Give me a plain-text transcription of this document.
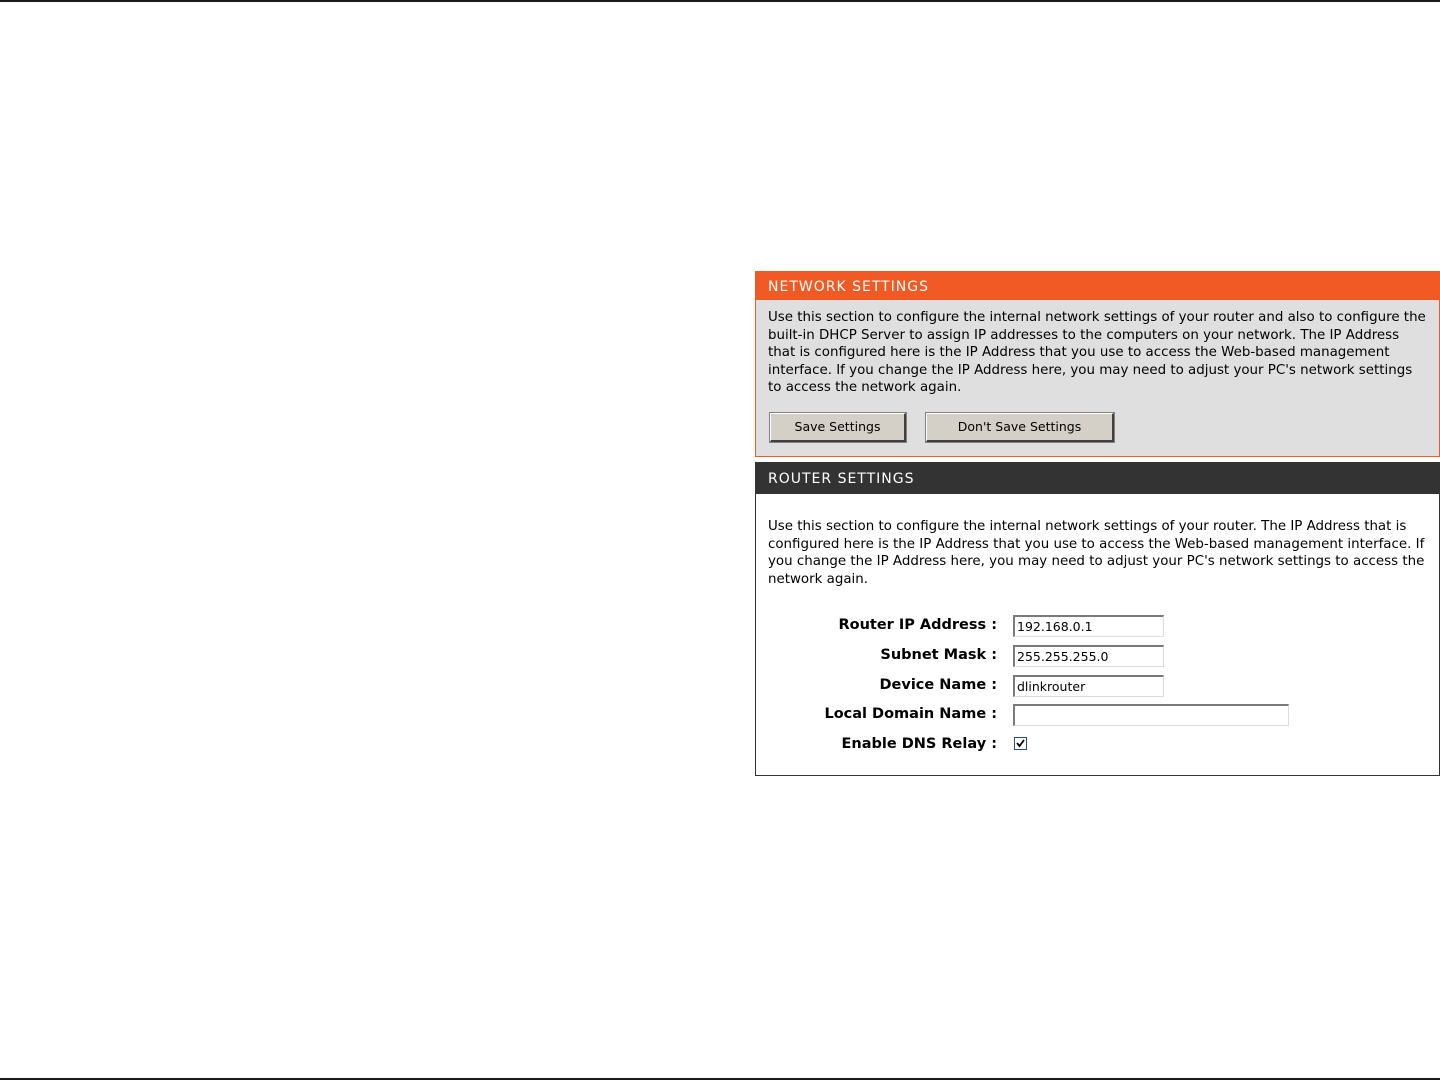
NETWORK SETTINGS
Use this section to configure the internal network settings of your router and also to configure the built-in DHCP Server to assign IP addresses to the computers on your network. The IP Address that is configured here is the IP Address that you use to access the Web-based management interface. If you change the IP Address here, you may need to adjust your PC's network settings to access the network again.
Save Settings	Don't Save Settings
ROUTER SETTINGS
Use this section to configure the internal network settings of your router. The IP Address that is configured here is the IP Address that you use to access the Web-based management interface. If you change the IP Address here, you may need to adjust your PC's network settings to access the network again.
Router IP Address :
192.168.0.1
Subnet Mask :
255.255.255.0
Device Name :
dlinkrouter
Local Domain Name :
Enable DNS Relay :
